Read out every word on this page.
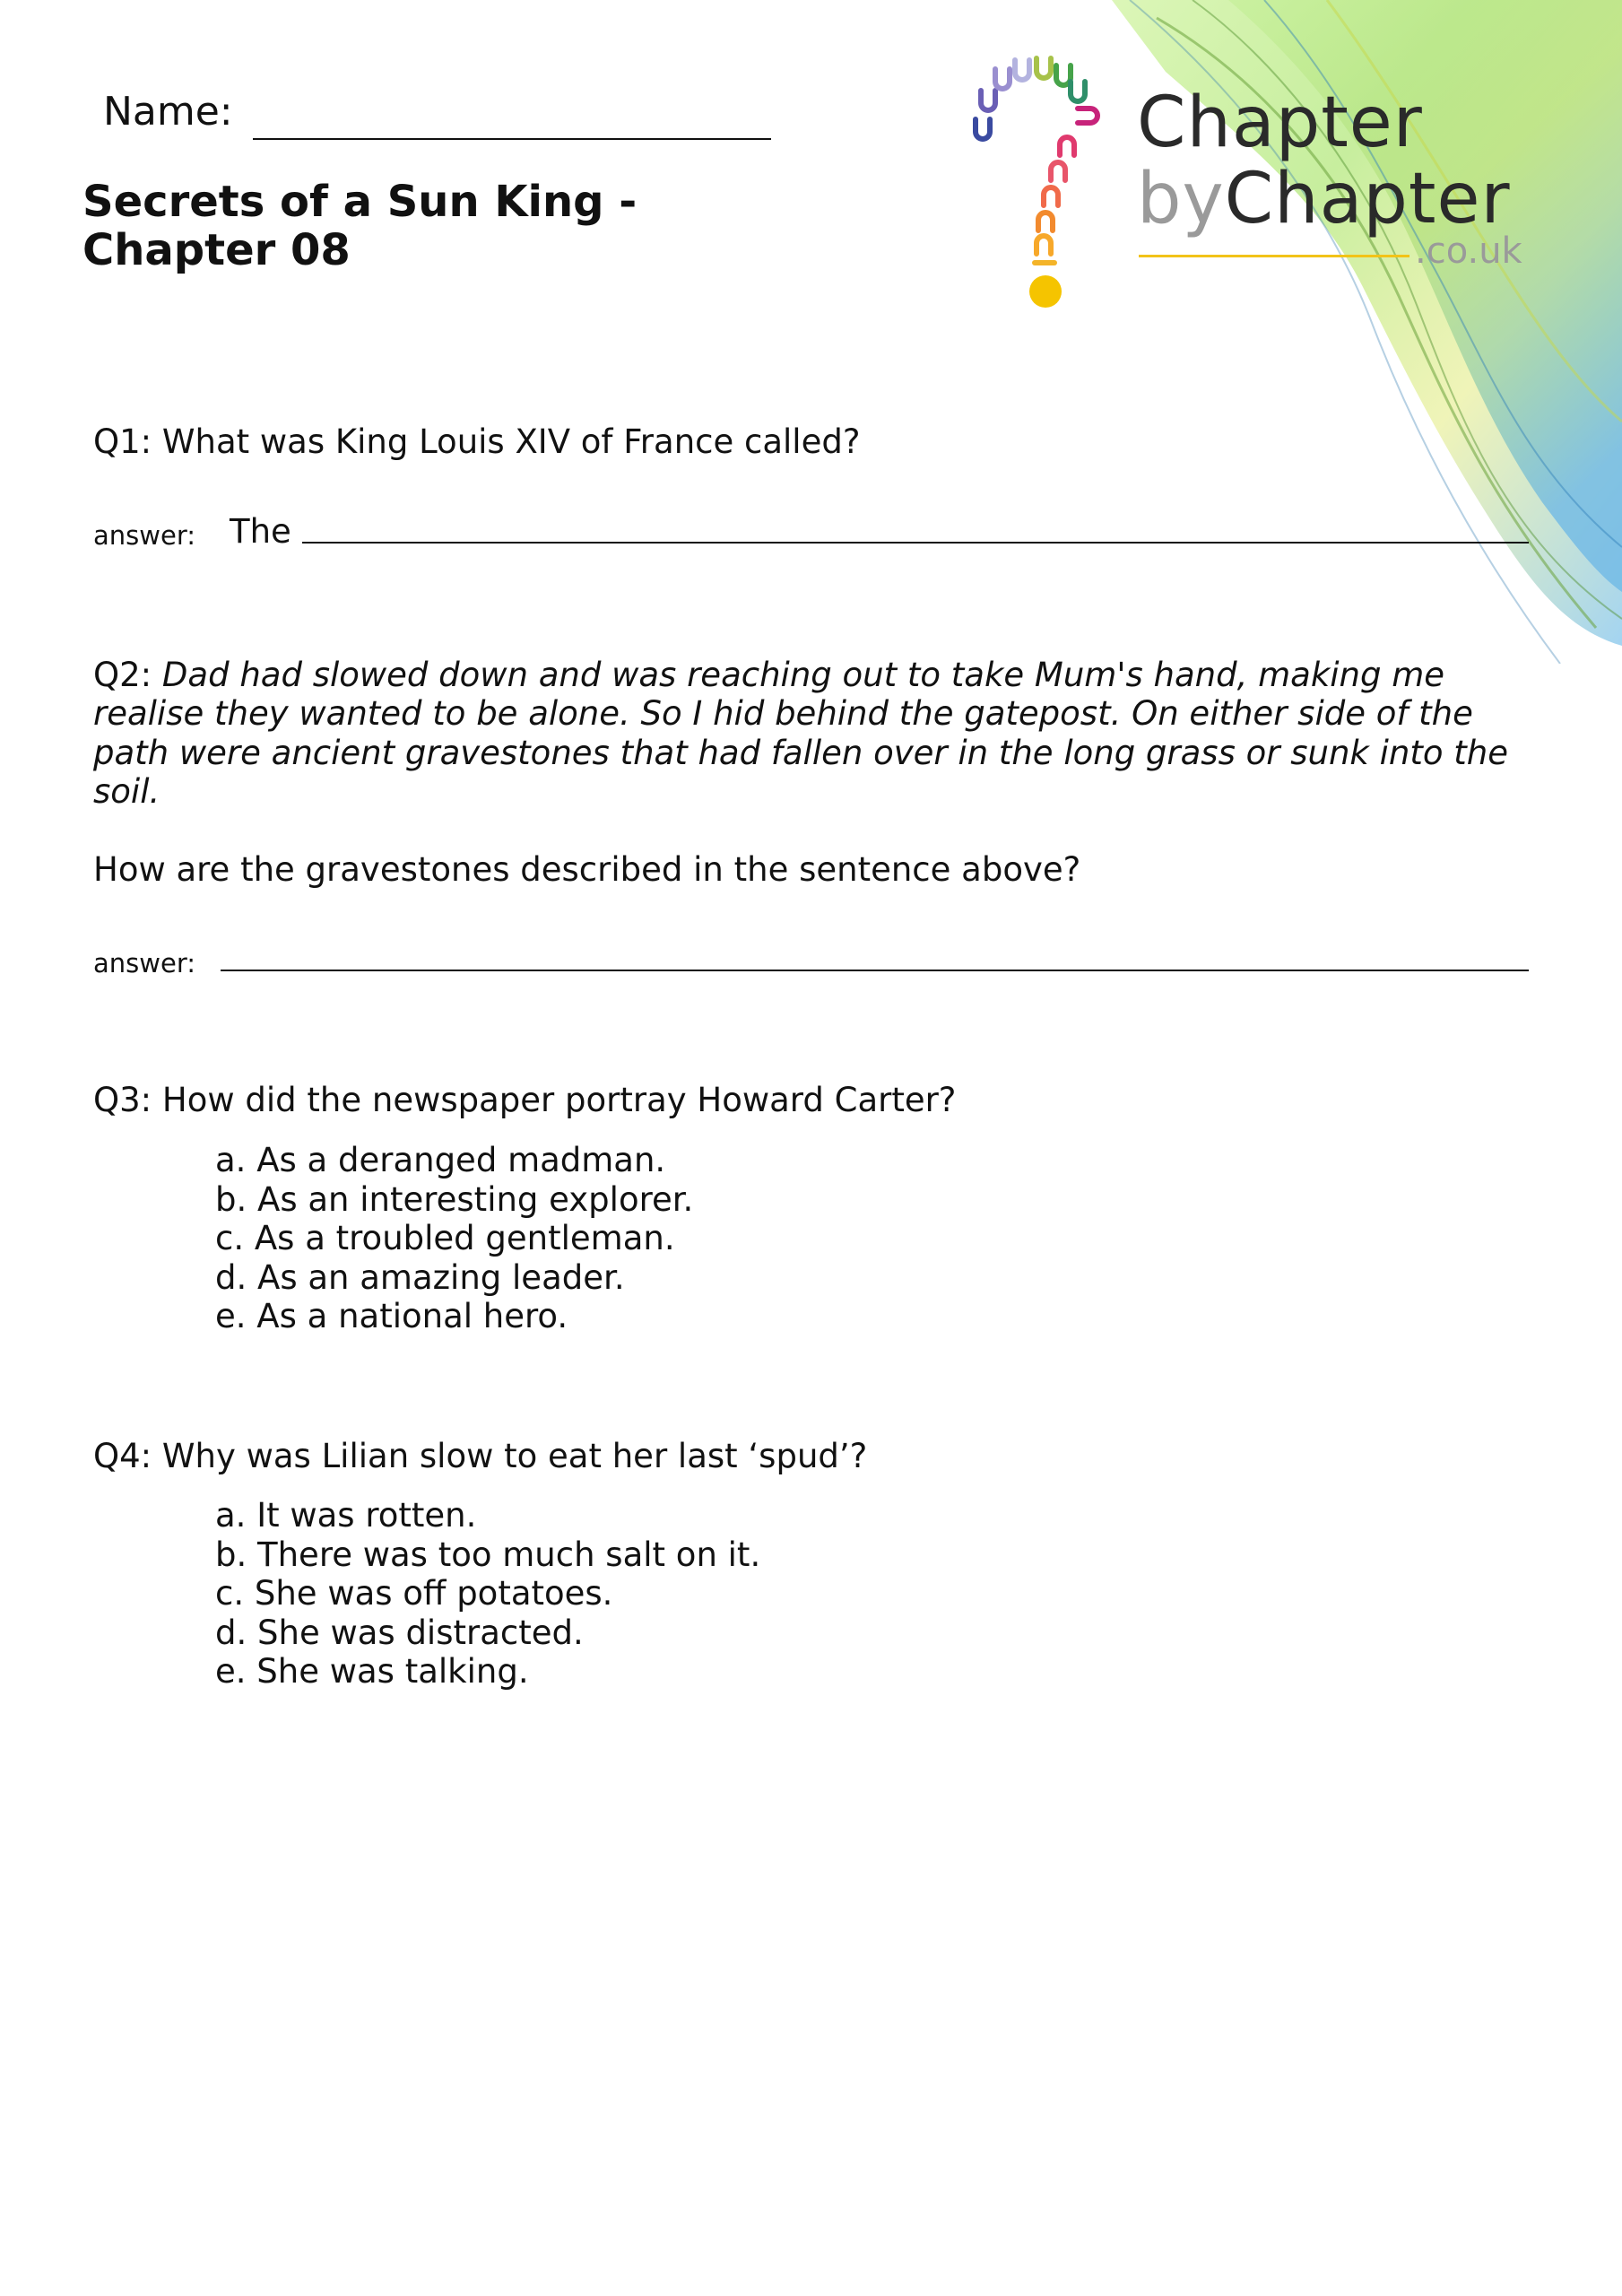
Chapter
byChapter
.co.uk
Name:
Secrets of a Sun King -
Chapter 08

Q1: What was King Louis XIV of France called?

answer: The

Q2: Dad had slowed down and was reaching out to take Mum's hand, making me realise they wanted to be alone. So I hid behind the gatepost. On either side of the path were ancient gravestones that had fallen over in the long grass or sunk into the soil.

How are the gravestones described in the sentence above?

answer:

Q3: How did the newspaper portray Howard Carter?

a. As a deranged madman.
b. As an interesting explorer.
c. As a troubled gentleman.
d. As an amazing leader.
e. As a national hero.

Q4: Why was Lilian slow to eat her last ‘spud’?

a. It was rotten.
b. There was too much salt on it.
c. She was off potatoes.
d. She was distracted.
e. She was talking.
